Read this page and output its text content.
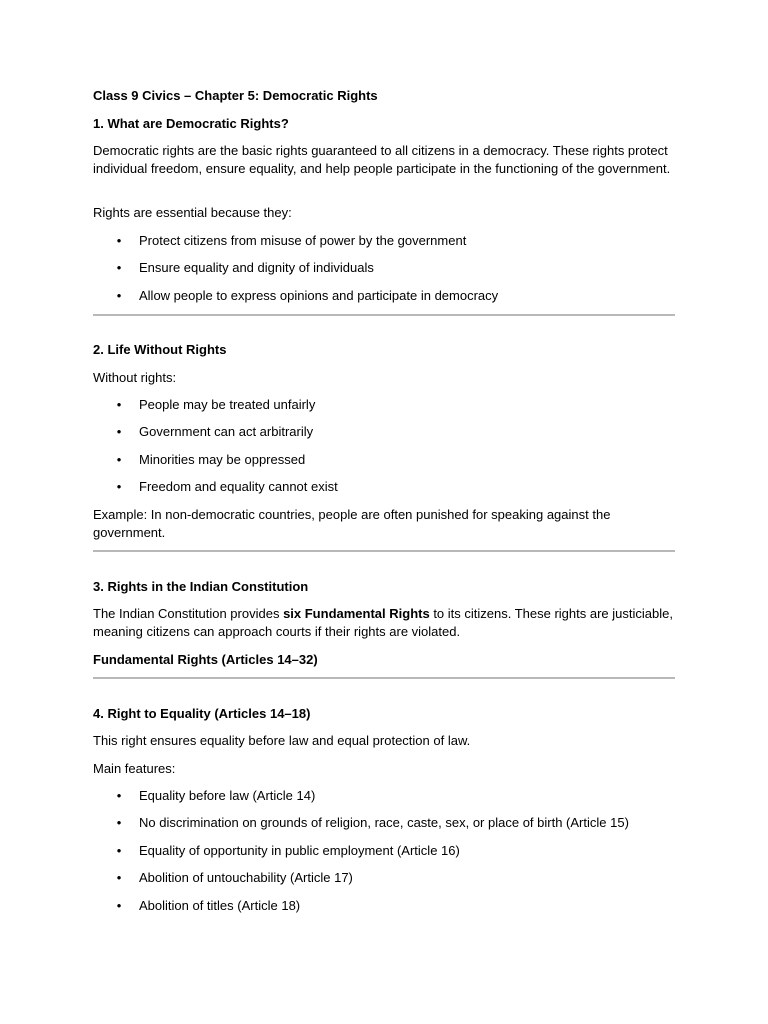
Class 9 Civics – Chapter 5: Democratic Rights
1. What are Democratic Rights?
Democratic rights are the basic rights guaranteed to all citizens in a democracy. These rights protect individual freedom, ensure equality, and help people participate in the functioning of the government.
Rights are essential because they:
• Protect citizens from misuse of power by the government
• Ensure equality and dignity of individuals
• Allow people to express opinions and participate in democracy
2. Life Without Rights
Without rights:
• People may be treated unfairly
• Government can act arbitrarily
• Minorities may be oppressed
• Freedom and equality cannot exist
Example: In non-democratic countries, people are often punished for speaking against the government.
3. Rights in the Indian Constitution
The Indian Constitution provides six Fundamental Rights to its citizens. These rights are justiciable, meaning citizens can approach courts if their rights are violated.
Fundamental Rights (Articles 14–32)
4. Right to Equality (Articles 14–18)
This right ensures equality before law and equal protection of law.
Main features:
• Equality before law (Article 14)
• No discrimination on grounds of religion, race, caste, sex, or place of birth (Article 15)
• Equality of opportunity in public employment (Article 16)
• Abolition of untouchability (Article 17)
• Abolition of titles (Article 18)
